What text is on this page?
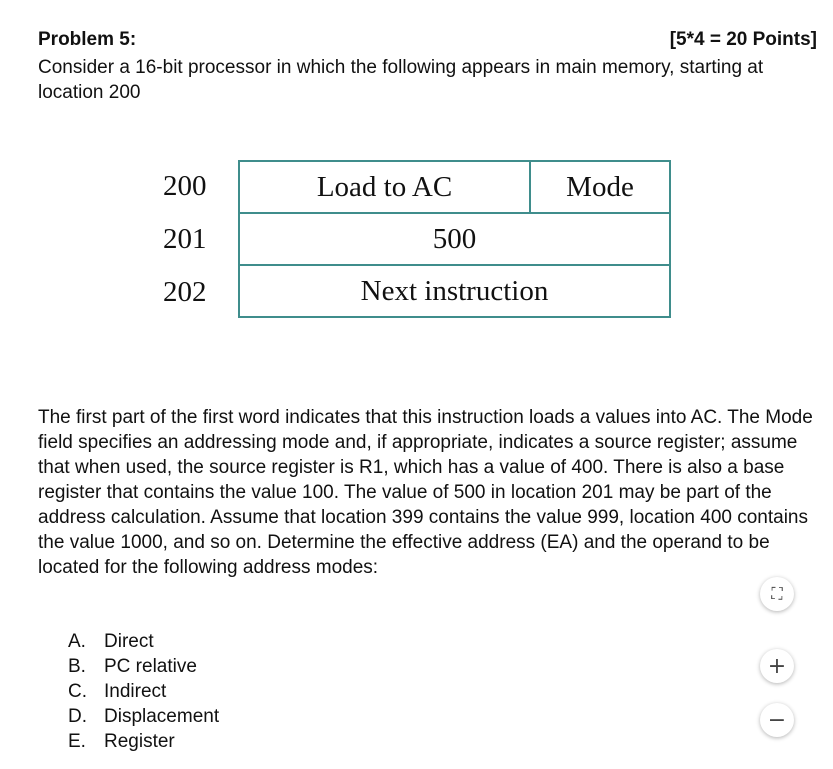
Problem 5:	[5*4 = 20 Points]
Consider a 16-bit processor in which the following appears in main memory, starting at location 200
200
201
202
Load to AC	Mode
500
Next instruction
The first part of the first word indicates that this instruction loads a values into AC. The Mode field specifies an addressing mode and, if appropriate, indicates a source register; assume that when used, the source register is R1, which has a value of 400. There is also a base register that contains the value 100. The value of 500 in location 201 may be part of the address calculation. Assume that location 399 contains the value 999, location 400 contains the value 1000, and so on. Determine the effective address (EA) and the operand to be located for the following address modes:
A. Direct
B. PC relative
C. Indirect
D. Displacement
E. Register
⛶
+
−
